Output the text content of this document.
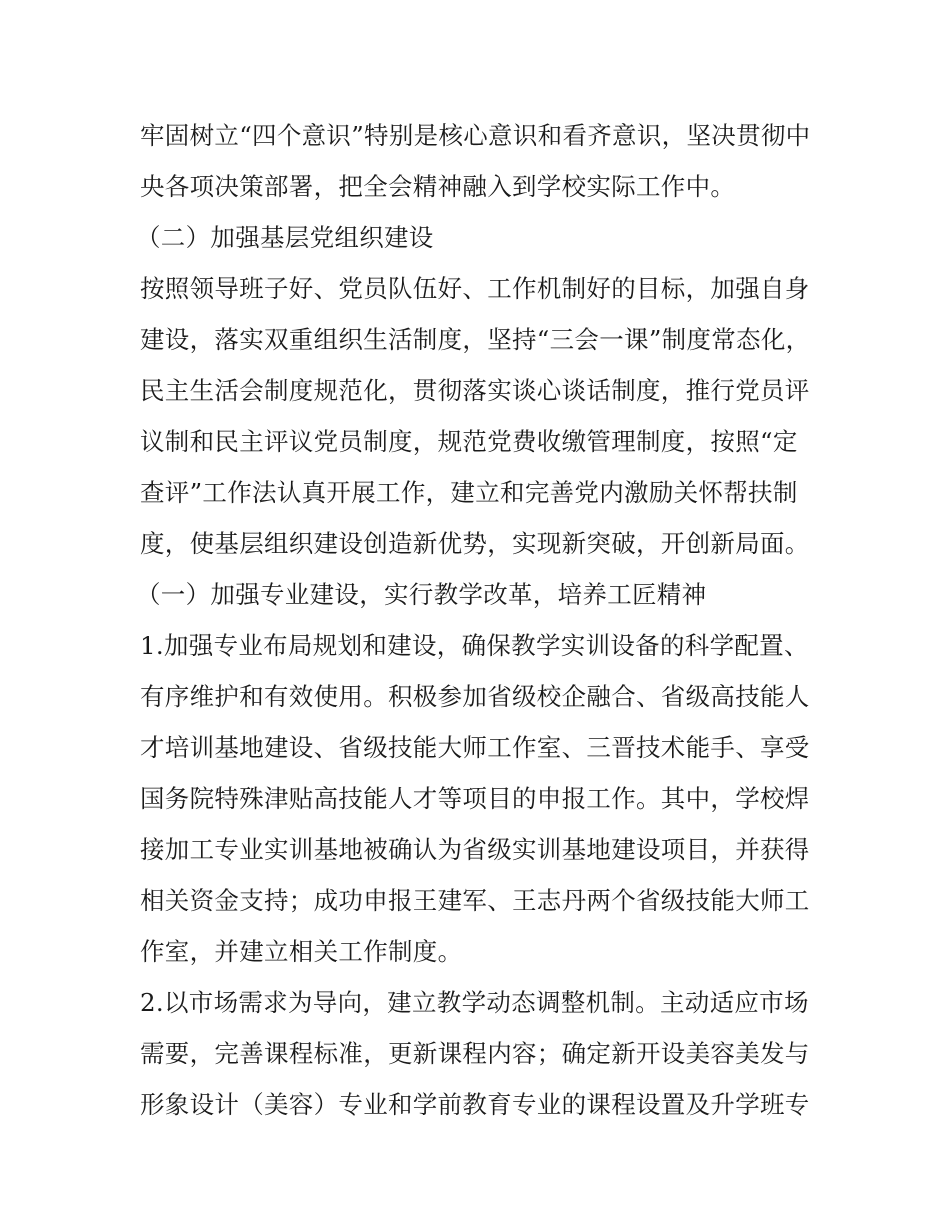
牢固树立“四个意识”特别是核心意识和看齐意识，坚决贯彻中
央各项决策部署，把全会精神融入到学校实际工作中。
（二）加强基层党组织建设
按照领导班子好、党员队伍好、工作机制好的目标，加强自身
建设，落实双重组织生活制度，坚持“三会一课”制度常态化，
民主生活会制度规范化，贯彻落实谈心谈话制度，推行党员评
议制和民主评议党员制度，规范党费收缴管理制度，按照“定
查评”工作法认真开展工作，建立和完善党内激励关怀帮扶制
度，使基层组织建设创造新优势，实现新突破，开创新局面。
（一）加强专业建设，实行教学改革，培养工匠精神
1.加强专业布局规划和建设，确保教学实训设备的科学配置、
有序维护和有效使用。积极参加省级校企融合、省级高技能人
才培训基地建设、省级技能大师工作室、三晋技术能手、享受
国务院特殊津贴高技能人才等项目的申报工作。其中，学校焊
接加工专业实训基地被确认为省级实训基地建设项目，并获得
相关资金支持；成功申报王建军、王志丹两个省级技能大师工
作室，并建立相关工作制度。
2.以市场需求为导向，建立教学动态调整机制。主动适应市场
需要，完善课程标准，更新课程内容；确定新开设美容美发与
形象设计（美容）专业和学前教育专业的课程设置及升学班专
